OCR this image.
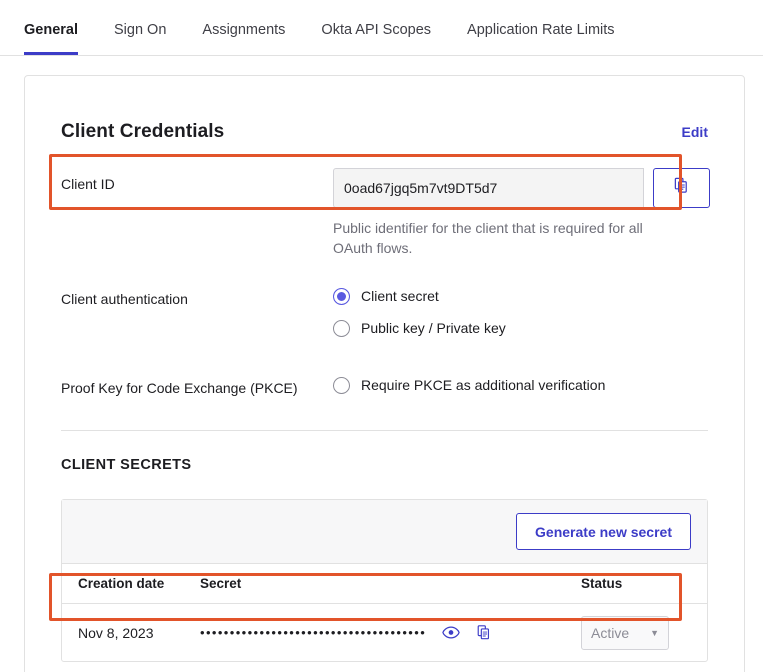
General Sign On Assignments Okta API Scopes Application Rate Limits
Client Credentials	Edit
Client ID	0oad67jgq5m7vt9DT5d7
Public identifier for the client that is required for all OAuth flows.
Client authentication	Client secret
Public key / Private key
Proof Key for Code Exchange (PKCE)	Require PKCE as additional verification
CLIENT SECRETS
Generate new secret
Creation date	Secret	Status
Nov 8, 2023	••••••••••••••••••••••••••••••••••••••	Active ▼
